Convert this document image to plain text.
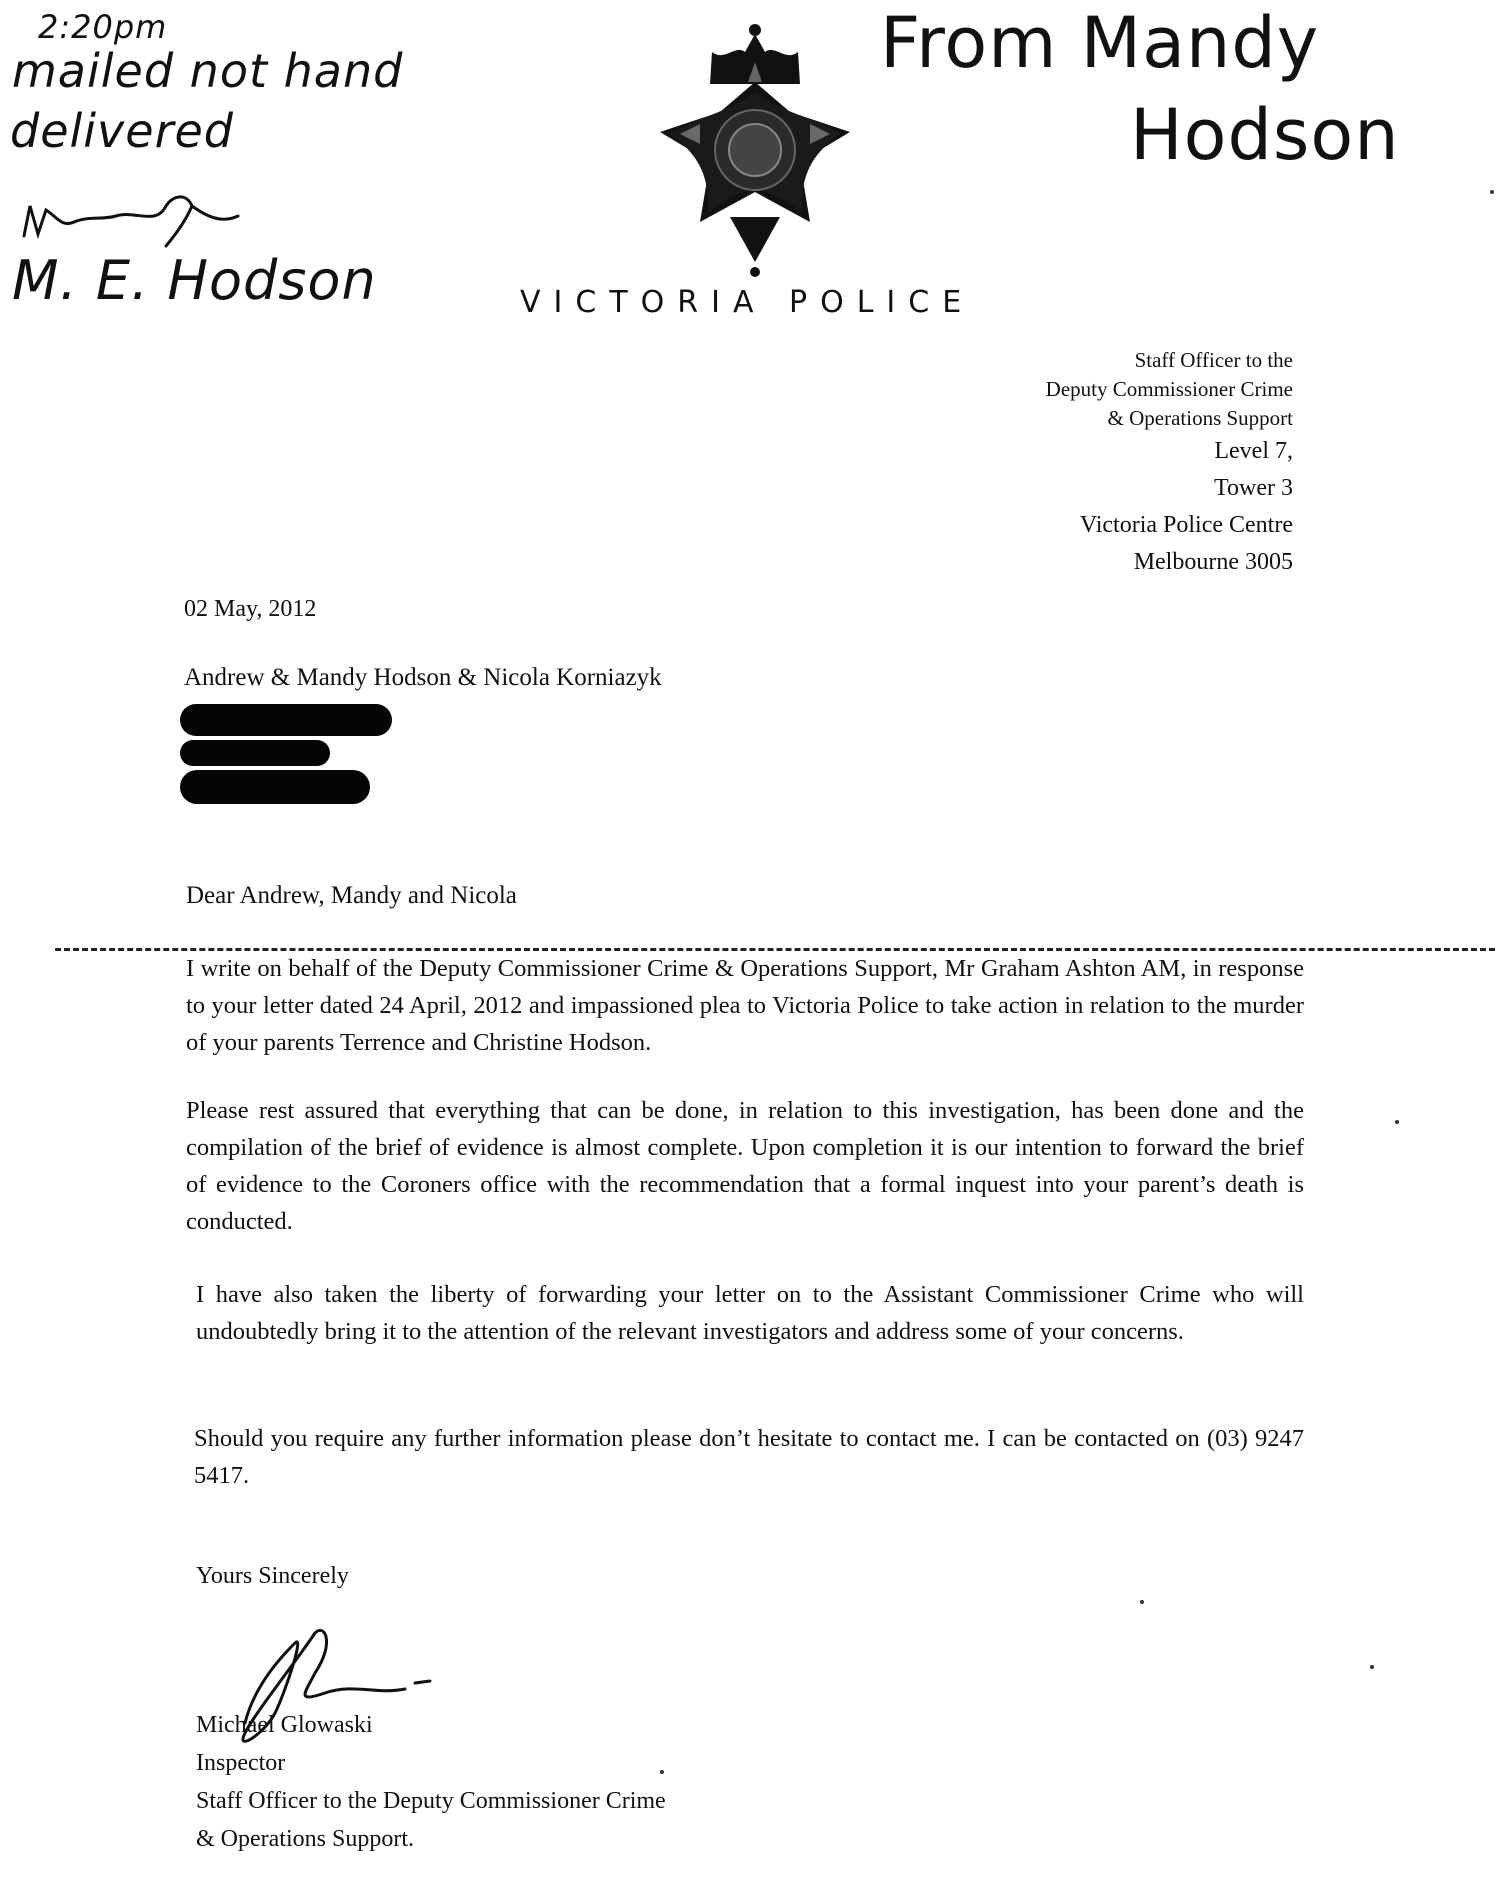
2:20pm
mailed not hand
delivered
M. E. Hodson
From Mandy
Hodson
VICTORIA POLICE
Staff Officer to the
Deputy Commissioner Crime
& Operations Support
Level 7,
Tower 3
Victoria Police Centre
Melbourne 3005
02 May, 2012
Andrew & Mandy Hodson & Nicola Korniazyk
Dear Andrew, Mandy and Nicola
I write on behalf of the Deputy Commissioner Crime & Operations Support, Mr Graham Ashton AM, in response to your letter dated 24 April, 2012 and impassioned plea to Victoria Police to take action in relation to the murder of your parents Terrence and Christine Hodson.
Please rest assured that everything that can be done, in relation to this investigation, has been done and the compilation of the brief of evidence is almost complete. Upon completion it is our intention to forward the brief of evidence to the Coroners office with the recommendation that a formal inquest into your parent’s death is conducted.
I have also taken the liberty of forwarding your letter on to the Assistant Commissioner Crime who will undoubtedly bring it to the attention of the relevant investigators and address some of your concerns.
Should you require any further information please don’t hesitate to contact me. I can be contacted on (03) 9247 5417.
Yours Sincerely
Michael Glowaski
Inspector
Staff Officer to the Deputy Commissioner Crime
& Operations Support.
